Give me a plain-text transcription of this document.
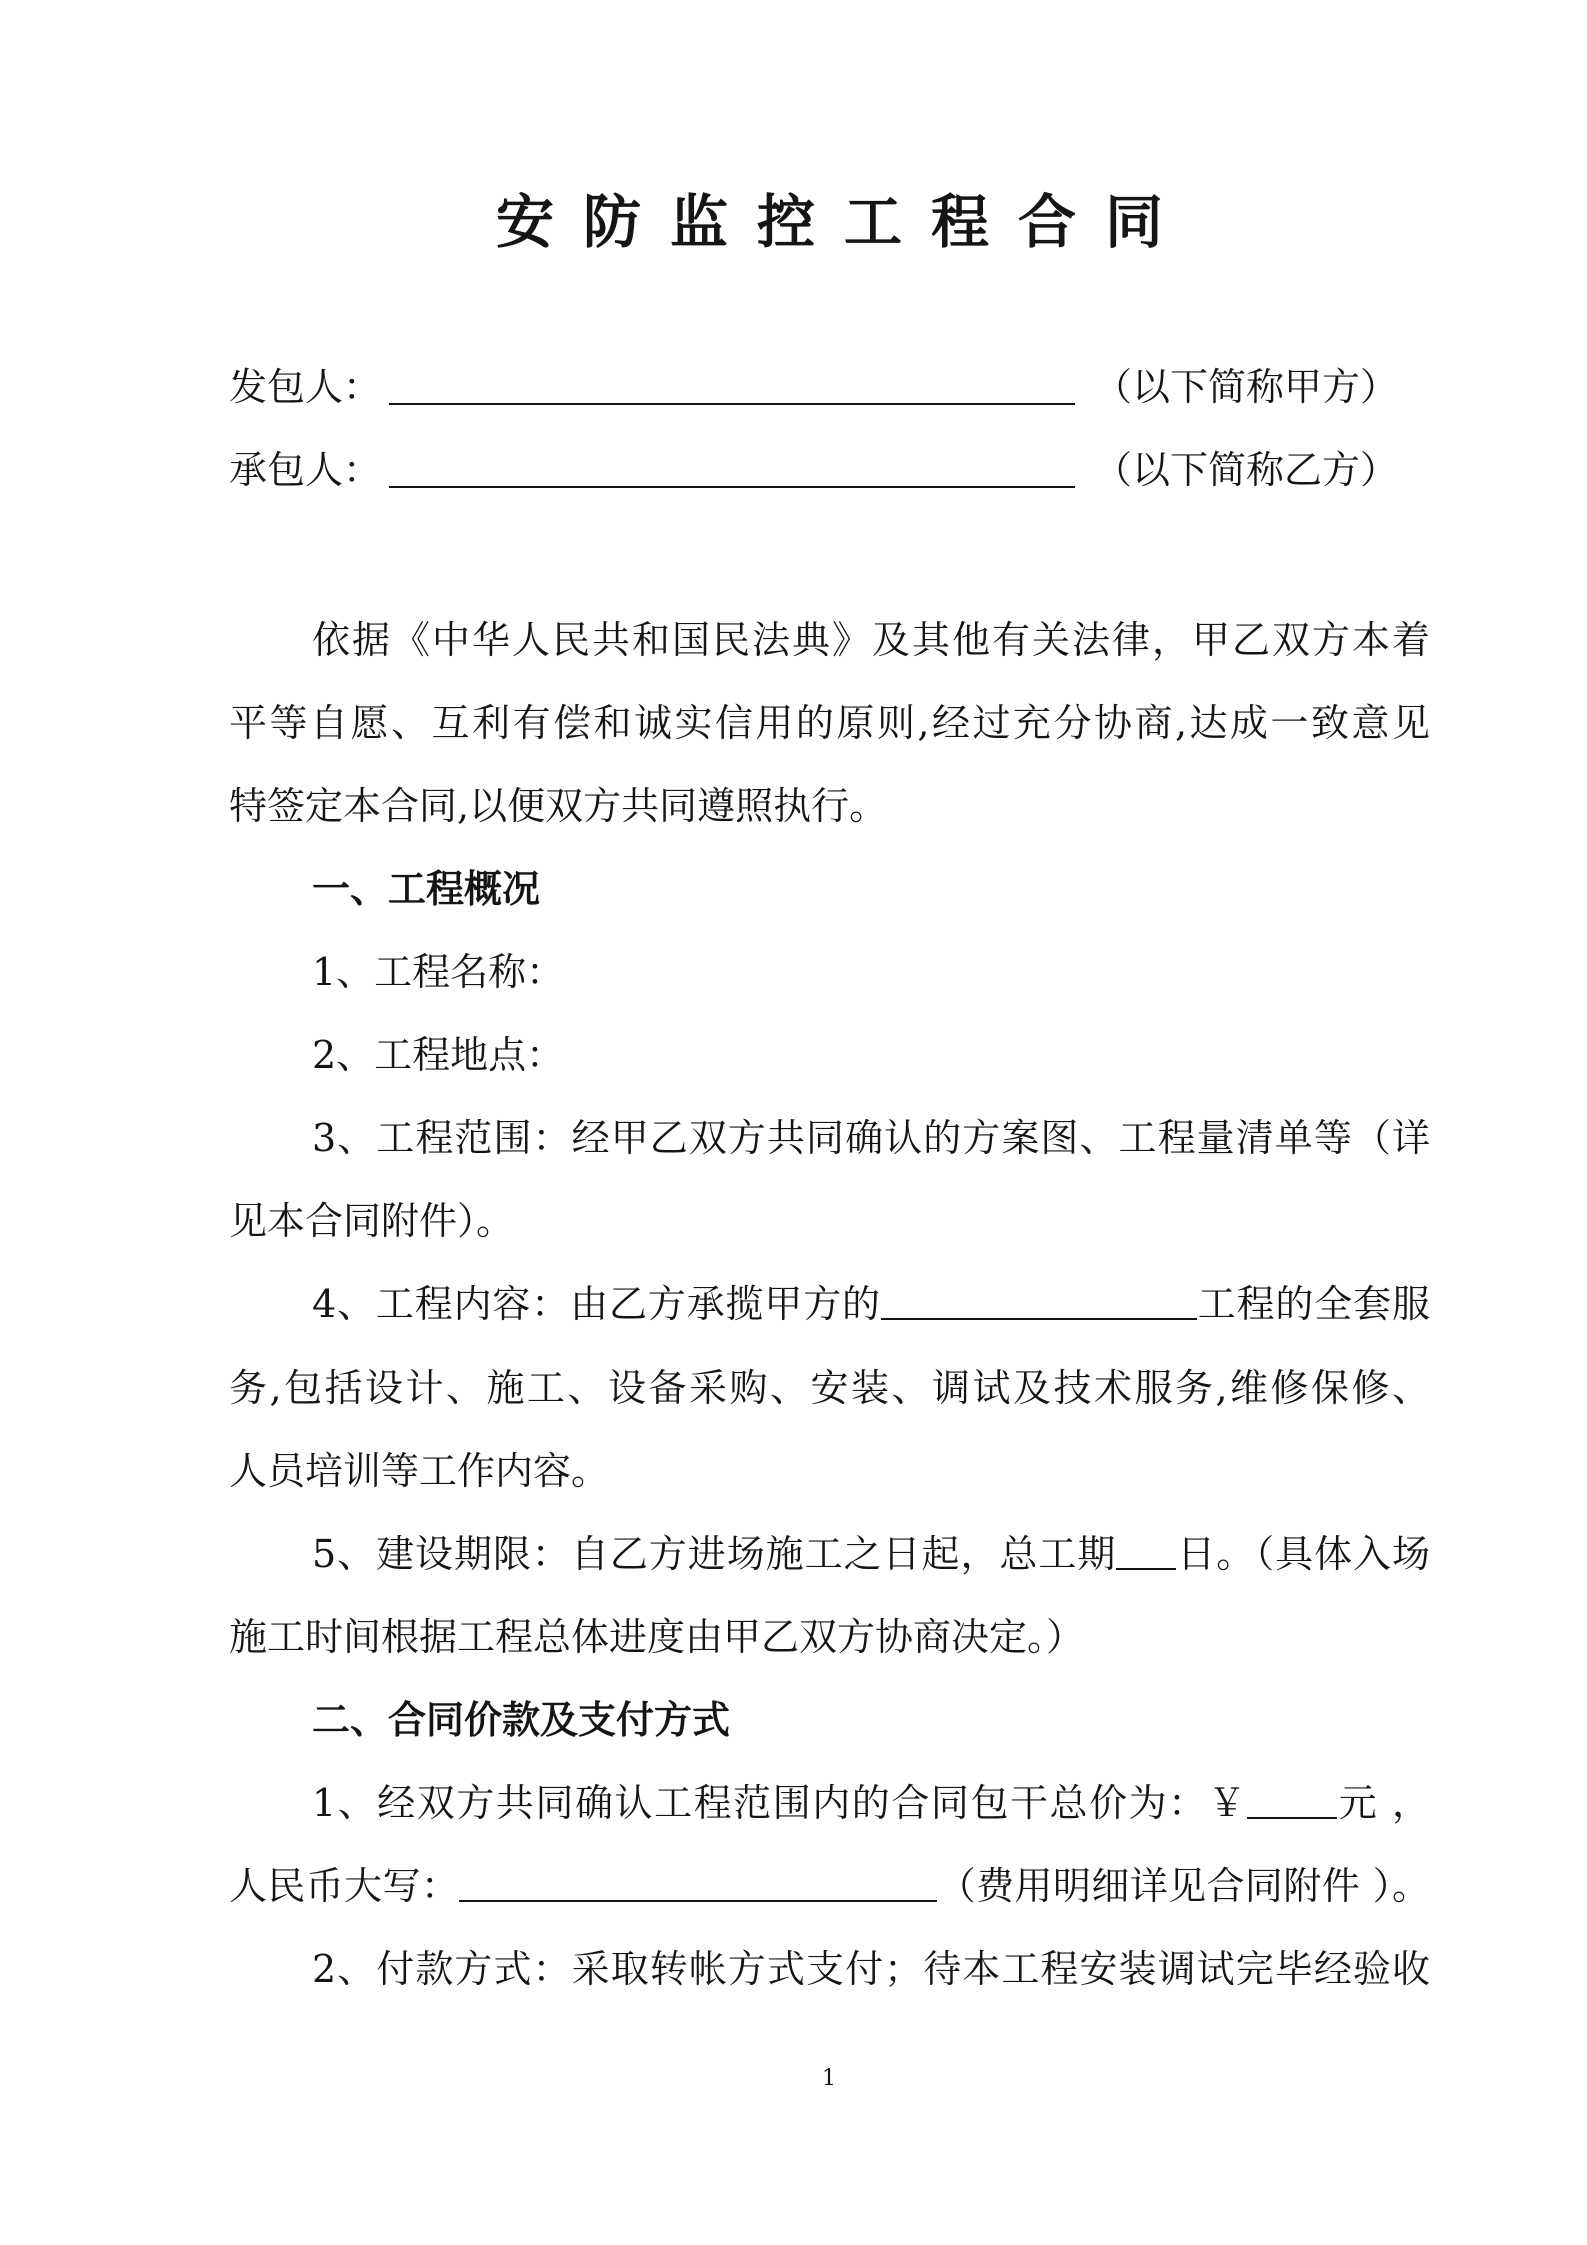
安防监控工程合同
发包人：	（以下简称甲方）
承包人：	（以下简称乙方）
依据《中华人民共和国民法典》及其他有关法律，甲乙双方本着
平等自愿、互利有偿和诚实信用的原则,经过充分协商,达成一致意见
特签定本合同,以便双方共同遵照执行。
一、工程概况
1、工程名称：
2、工程地点：
3、工程范围：经甲乙双方共同确认的方案图、工程量清单等（详
见本合同附件）。
4、工程内容：由乙方承揽甲方的	工程的全套服
务,包括设计、施工、设备采购、安装、调试及技术服务,维修保修、
人员培训等工作内容。
5、建设期限：自乙方进场施工之日起，总工期 日。（具体入场
施工时间根据工程总体进度由甲乙双方协商决定。）
二、合同价款及支付方式
1、经双方共同确认工程范围内的合同包干总价为：￥ 元 ，
人民币大写：	（费用明细详见合同附件 ）。
2、付款方式：采取转帐方式支付；待本工程安装调试完毕经验收
1
